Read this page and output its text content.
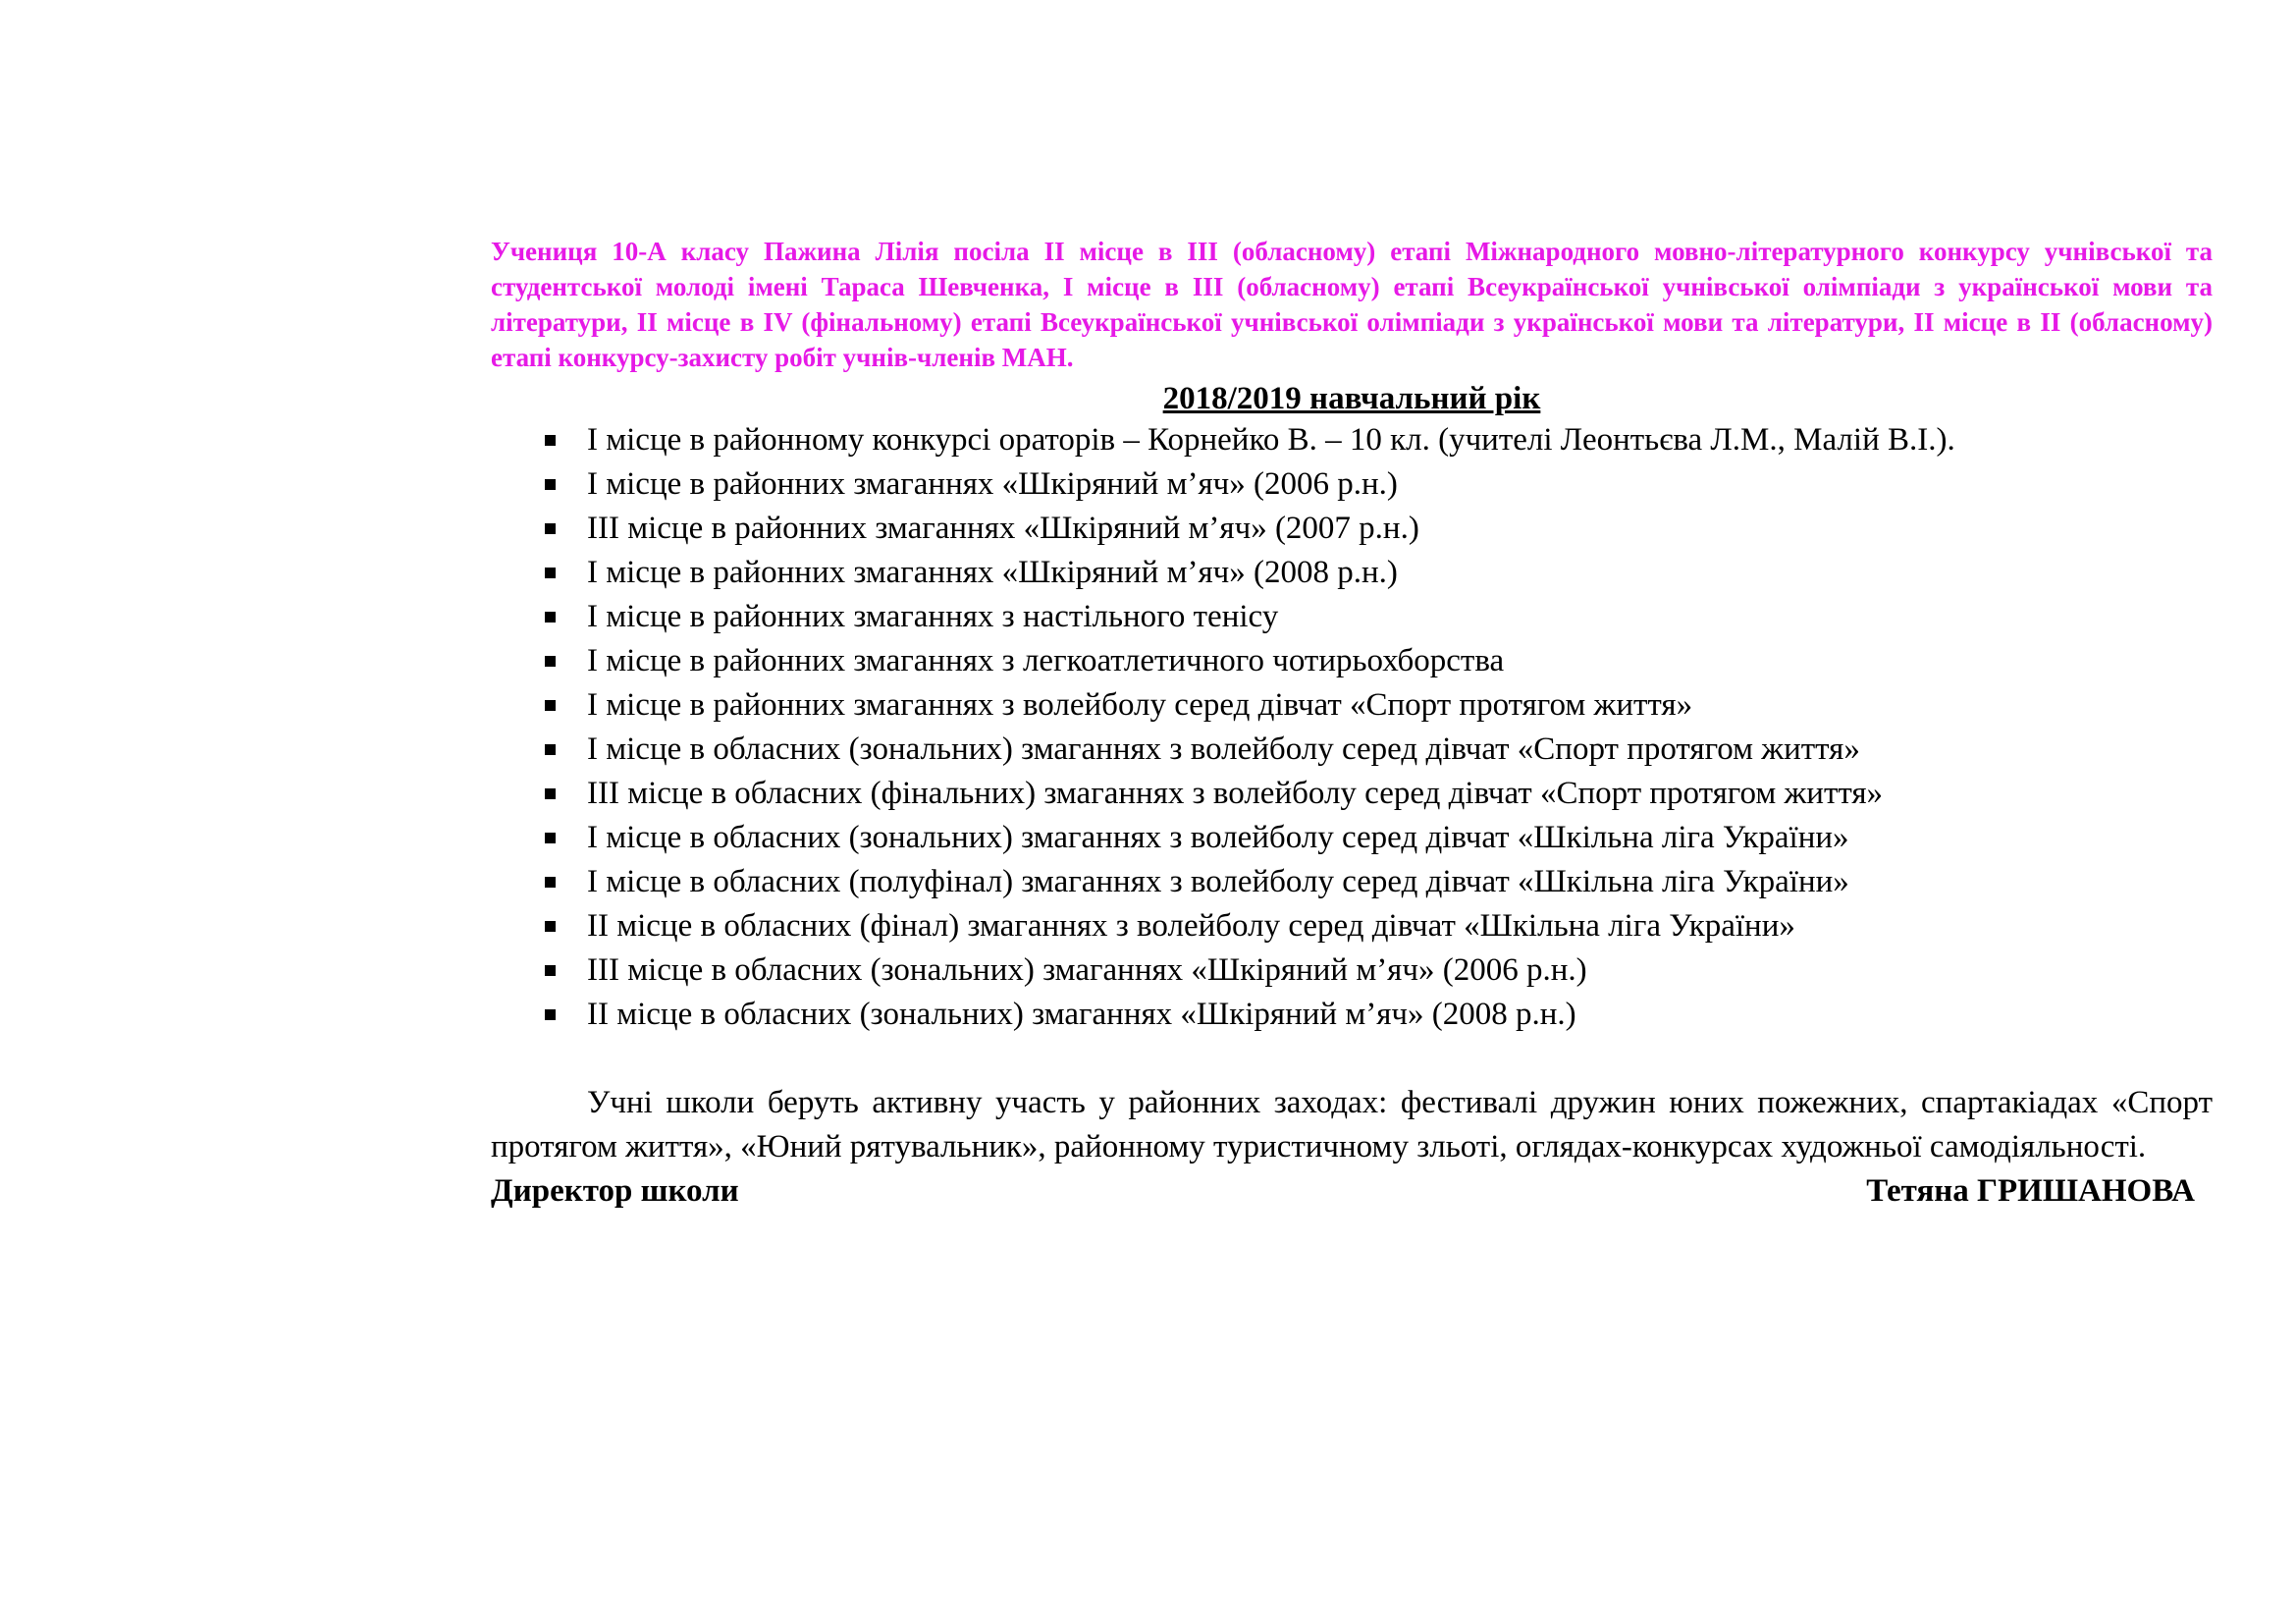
Учениця 10-А класу Пажина Лілія посіла ІІ місце в ІІІ (обласному) етапі Міжнародного мовно-літературного конкурсу учнівської та студентської молоді імені Тараса Шевченка, І місце в ІІІ (обласному) етапі Всеукраїнської учнівської олімпіади з української мови та літератури, ІІ місце в IV (фінальному) етапі Всеукраїнської учнівської олімпіади з української мови та літератури, ІІ місце в ІІ (обласному) етапі конкурсу-захисту робіт учнів-членів МАН.

2018/2019 навчальний рік
І місце в районному конкурсі ораторів – Корнейко В. – 10 кл. (учителі Леонтьєва Л.М., Малій В.І.).
І місце в районних змаганнях «Шкіряний м’яч» (2006 р.н.)
ІІІ місце в районних змаганнях «Шкіряний м’яч» (2007 р.н.)
І місце в районних змаганнях «Шкіряний м’яч» (2008 р.н.)
І місце в районних змаганнях з настільного тенісу
І місце в районних змаганнях з легкоатлетичного чотирьохборства
І місце в районних змаганнях з волейболу серед дівчат «Спорт протягом життя»
І місце в обласних (зональних) змаганнях з волейболу серед дівчат «Спорт протягом життя»
ІІІ місце в обласних (фінальних) змаганнях з волейболу серед дівчат «Спорт протягом життя»
І місце в обласних (зональних) змаганнях з волейболу серед дівчат «Шкільна ліга України»
І місце в обласних (полуфінал) змаганнях з волейболу серед дівчат «Шкільна ліга України»
ІІ місце в обласних (фінал) змаганнях з волейболу серед дівчат «Шкільна ліга України»
ІІІ місце в обласних (зональних) змаганнях «Шкіряний м’яч» (2006 р.н.)
ІІ місце в обласних (зональних) змаганнях «Шкіряний м’яч» (2008 р.н.)

Учні школи беруть активну участь у районних заходах: фестивалі дружин юних пожежних, спартакіадах «Спорт протягом життя», «Юний рятувальник», районному туристичному зльоті, оглядах-конкурсах художньої самодіяльності.

Директор школи	Тетяна ГРИШАНОВА
